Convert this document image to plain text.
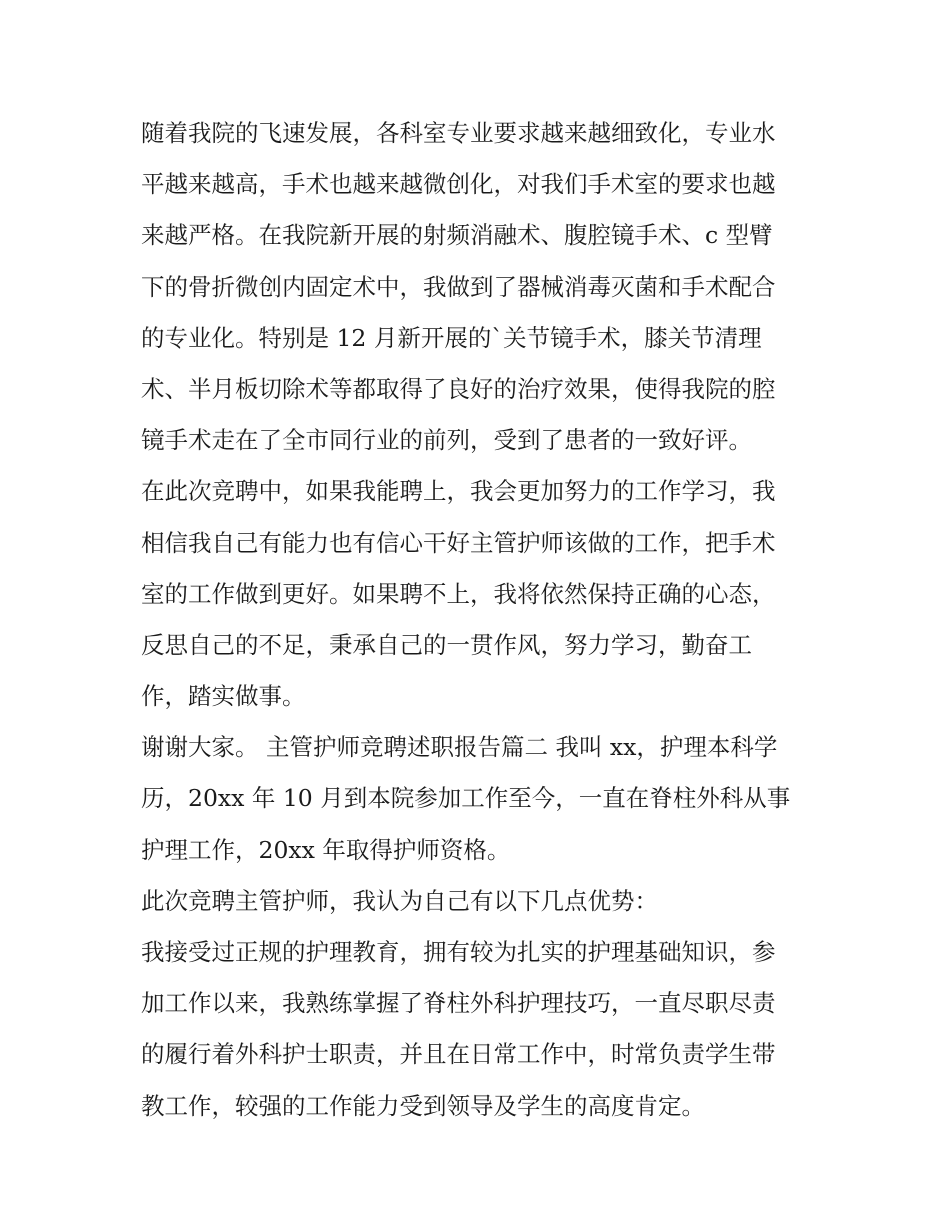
随着我院的飞速发展，各科室专业要求越来越细致化，专业水
平越来越高，手术也越来越微创化，对我们手术室的要求也越
来越严格。在我院新开展的射频消融术、腹腔镜手术、c 型臂
下的骨折微创内固定术中，我做到了器械消毒灭菌和手术配合
的专业化。特别是 12 月新开展的`关节镜手术，膝关节清理
术、半月板切除术等都取得了良好的治疗效果，使得我院的腔
镜手术走在了全市同行业的前列，受到了患者的一致好评。
在此次竞聘中，如果我能聘上，我会更加努力的工作学习，我
相信我自己有能力也有信心干好主管护师该做的工作，把手术
室的工作做到更好。如果聘不上，我将依然保持正确的心态，
反思自己的不足，秉承自己的一贯作风，努力学习，勤奋工
作，踏实做事。
谢谢大家。 主管护师竞聘述职报告篇二 我叫 xx，护理本科学
历，20xx 年 10 月到本院参加工作至今，一直在脊柱外科从事
护理工作，20xx 年取得护师资格。
此次竞聘主管护师，我认为自己有以下几点优势：
我接受过正规的护理教育，拥有较为扎实的护理基础知识，参
加工作以来，我熟练掌握了脊柱外科护理技巧，一直尽职尽责
的履行着外科护士职责，并且在日常工作中，时常负责学生带
教工作，较强的工作能力受到领导及学生的高度肯定。
